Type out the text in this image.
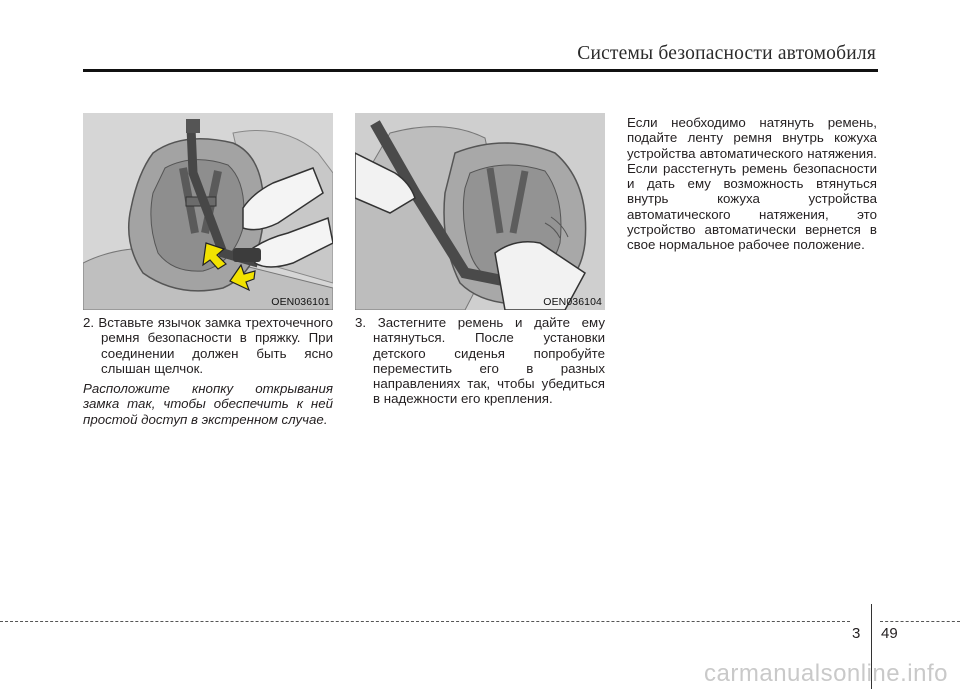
Системы безопасности автомобиля
OEN036101	OEN036104

2. Вставьте язычок замка трехточечного ремня безопасности в пряжку. При соединении должен быть ясно слышан щелчок.

Расположите кнопку открывания замка так, чтобы обеспечить к ней простой доступ в экстренном случае.

3. Застегните ремень и дайте ему натянуться. После установки детского сиденья попробуйте переместить его в разных направлениях так, чтобы убедиться в надежности его крепления.

Если необходимо натянуть ремень, подайте ленту ремня внутрь кожуха устройства автоматического натяжения. Если расстегнуть ремень безопасности и дать ему возможность втянуться внутрь кожуха устройства автоматического натяжения, это устройство автоматически вернется в свое нормальное рабочее положение.

3 49
carmanualsonline.info
